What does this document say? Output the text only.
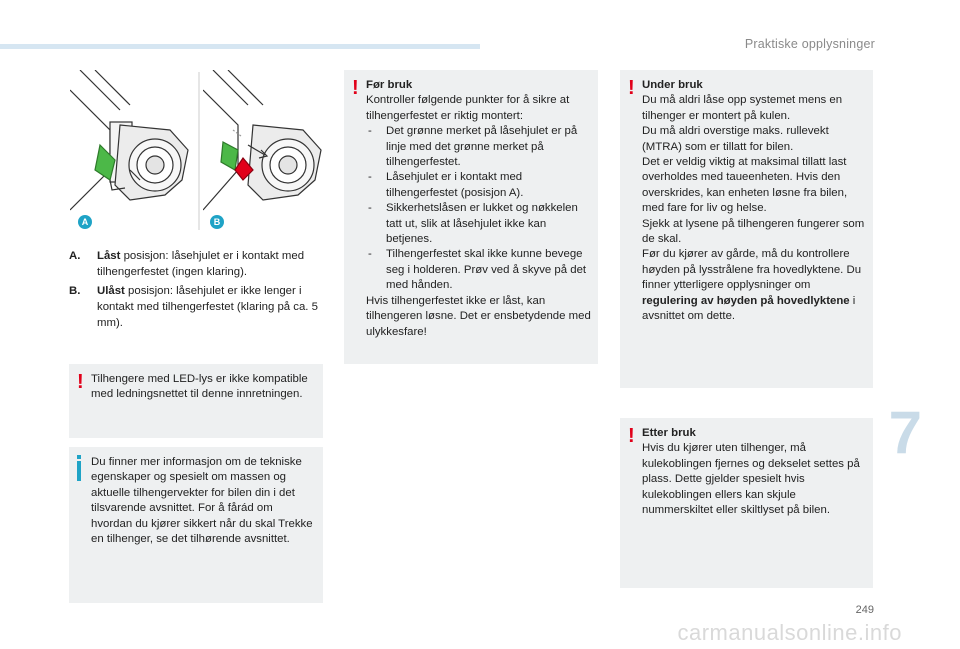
Praktiske opplysninger
7
A	B
A. Låst posisjon: låsehjulet er i kontakt med tilhengerfestet (ingen klaring).
B. Ulåst posisjon: låsehjulet er ikke lenger i kontakt med tilhengerfestet (klaring på ca. 5 mm).
! Tilhengere med LED-lys er ikke kompatible med ledningsnettet til denne innretningen.
Du finner mer informasjon om de tekniske egenskaper og spesielt om massen og aktuelle tilhengervekter for bilen din i det tilsvarende avsnittet. For å fårád om hvordan du kjører sikkert når du skal Trekke en tilhenger, se det tilhørende avsnittet.
! Før bruk
Kontroller følgende punkter for å sikre at tilhengerfestet er riktig montert:
- Det grønne merket på låsehjulet er på linje med det grønne merket på tilhengerfestet.
- Låsehjulet er i kontakt med tilhengerfestet (posisjon A).
- Sikkerhetslåsen er lukket og nøkkelen tatt ut, slik at låsehjulet ikke kan betjenes.
- Tilhengerfestet skal ikke kunne bevege seg i holderen. Prøv ved å skyve på det med hånden.
Hvis tilhengerfestet ikke er låst, kan tilhengeren løsne. Det er ensbetydende med ulykkesfare!
! Under bruk
Du må aldri låse opp systemet mens en tilhenger er montert på kulen.
Du må aldri overstige maks. rullevekt (MTRA) som er tillatt for bilen.
Det er veldig viktig at maksimal tillatt last overholdes med taueenheten. Hvis den overskrides, kan enheten løsne fra bilen, med fare for liv og helse.
Sjekk at lysene på tilhengeren fungerer som de skal.
Før du kjører av gårde, må du kontrollere høyden på lysstrålene fra hovedlyktene. Du finner ytterligere opplysninger om regulering av høyden på hovedlyktene i avsnittet om dette.
! Etter bruk
Hvis du kjører uten tilhenger, må kulekoblingen fjernes og dekselet settes på plass. Dette gjelder spesielt hvis kulekoblingen ellers kan skjule nummerskiltet eller skiltlyset på bilen.
249
carmanualsonline.info
